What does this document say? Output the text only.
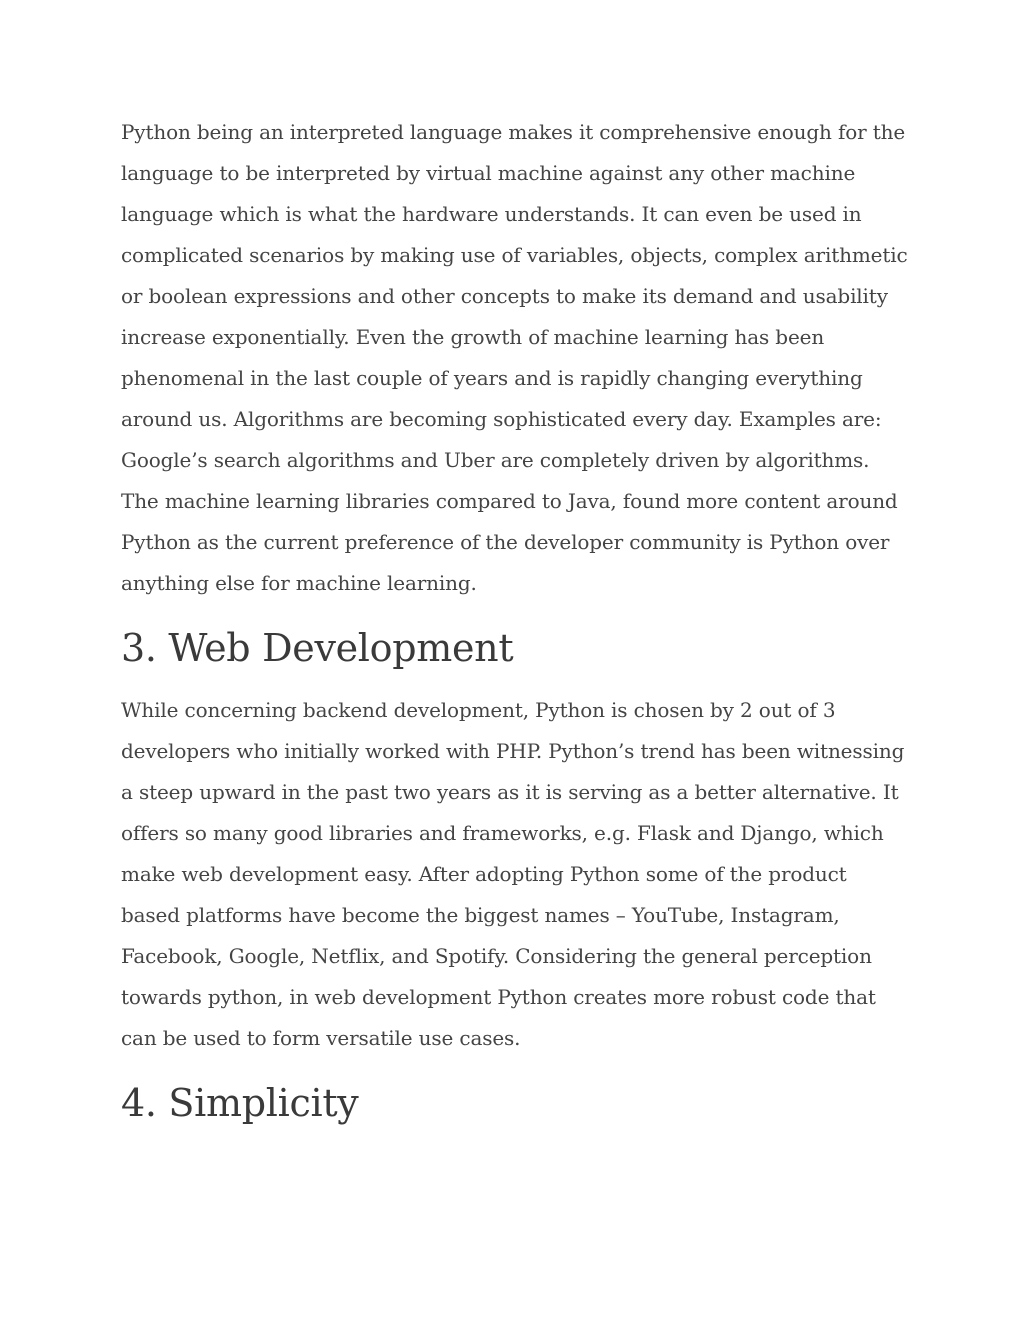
Python being an interpreted language makes it comprehensive enough for the language to be interpreted by virtual machine against any other machine language which is what the hardware understands. It can even be used in complicated scenarios by making use of variables, objects, complex arithmetic or boolean expressions and other concepts to make its demand and usability increase exponentially. Even the growth of machine learning has been phenomenal in the last couple of years and is rapidly changing everything around us. Algorithms are becoming sophisticated every day. Examples are: Google’s search algorithms and Uber are completely driven by algorithms. The machine learning libraries compared to Java, found more content around Python as the current preference of the developer community is Python over anything else for machine learning.

3. Web Development

While concerning backend development, Python is chosen by 2 out of 3 developers who initially worked with PHP. Python’s trend has been witnessing a steep upward in the past two years as it is serving as a better alternative. It offers so many good libraries and frameworks, e.g. Flask and Django, which make web development easy. After adopting Python some of the product based platforms have become the biggest names – YouTube, Instagram, Facebook, Google, Netflix, and Spotify. Considering the general perception towards python, in web development Python creates more robust code that can be used to form versatile use cases.

4. Simplicity
